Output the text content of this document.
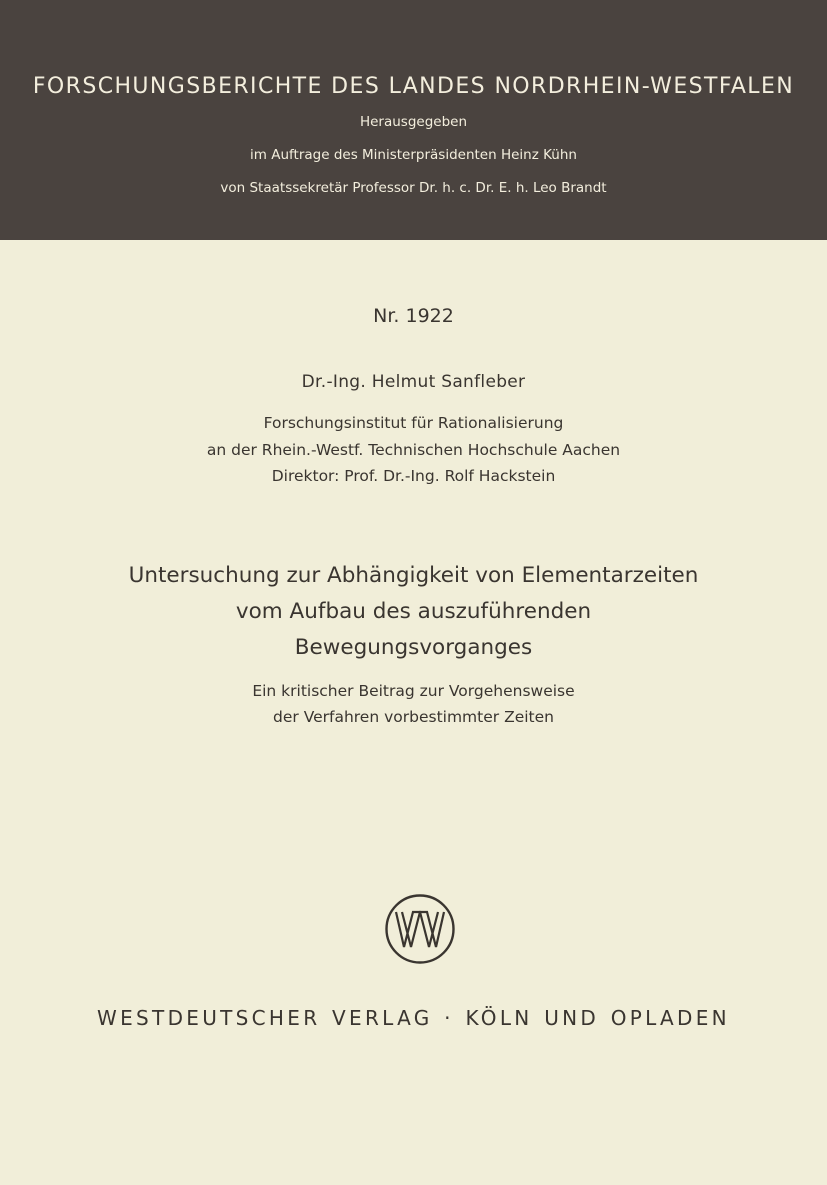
FORSCHUNGSBERICHTE DES LANDES NORDRHEIN-WESTFALEN
Herausgegeben
im Auftrage des Ministerpräsidenten Heinz Kühn
von Staatssekretär Professor Dr. h. c. Dr. E. h. Leo Brandt
Nr. 1922
Dr.-Ing. Helmut Sanfleber
Forschungsinstitut für Rationalisierung
an der Rhein.-Westf. Technischen Hochschule Aachen
Direktor: Prof. Dr.-Ing. Rolf Hackstein
Untersuchung zur Abhängigkeit von Elementarzeiten
vom Aufbau des auszuführenden
Bewegungsvorganges
Ein kritischer Beitrag zur Vorgehensweise
der Verfahren vorbestimmter Zeiten
WESTDEUTSCHER VERLAG · KÖLN UND OPLADEN
